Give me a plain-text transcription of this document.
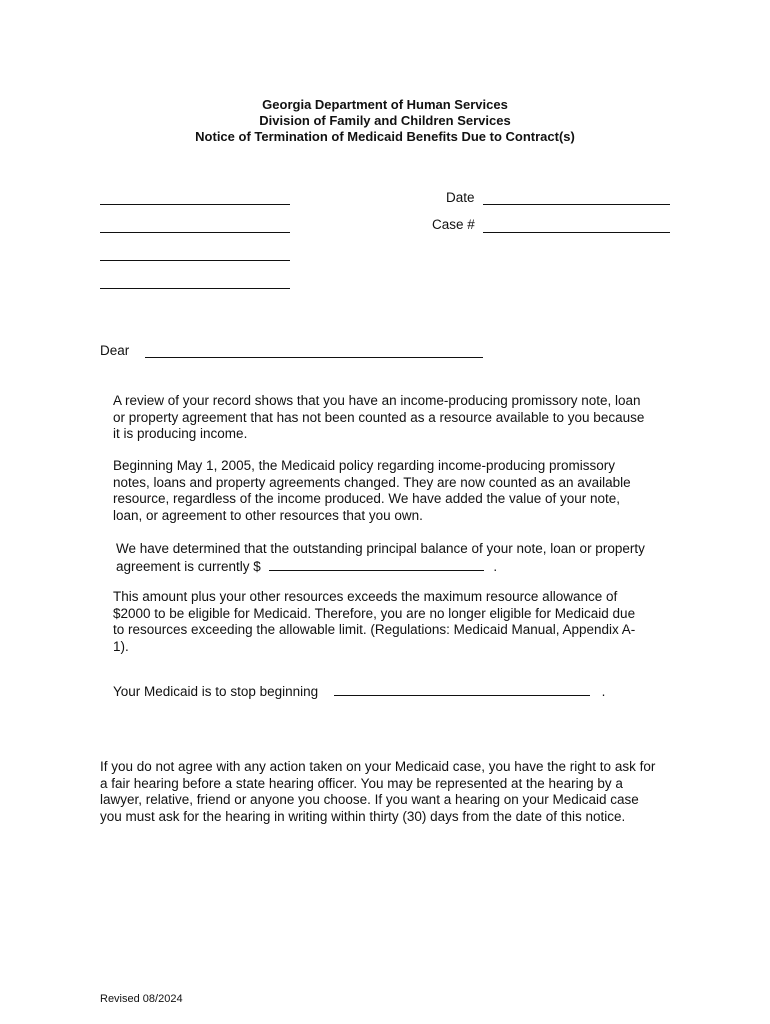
Georgia Department of Human Services
Division of Family and Children Services
Notice of Termination of Medicaid Benefits Due to Contract(s)
Date
Case #
Dear

A review of your record shows that you have an income-producing promissory note, loan

or property agreement that has not been counted as a resource available to you because

it is producing income.

Beginning May 1, 2005, the Medicaid policy regarding income-producing promissory

notes, loans and property agreements changed. They are now counted as an available

resource, regardless of the income produced. We have added the value of your note,

loan, or agreement to other resources that you own.

We have determined that the outstanding principal balance of your note, loan or property

agreement is currently $	.

This amount plus your other resources exceeds the maximum resource allowance of

$2000 to be eligible for Medicaid. Therefore, you are no longer eligible for Medicaid due

to resources exceeding the allowable limit. (Regulations: Medicaid Manual, Appendix A-

1).

Your Medicaid is to stop beginning	.

If you do not agree with any action taken on your Medicaid case, you have the right to ask for

a fair hearing before a state hearing officer. You may be represented at the hearing by a

lawyer, relative, friend or anyone you choose. If you want a hearing on your Medicaid case

you must ask for the hearing in writing within thirty (30) days from the date of this notice.

Revised 08/2024
